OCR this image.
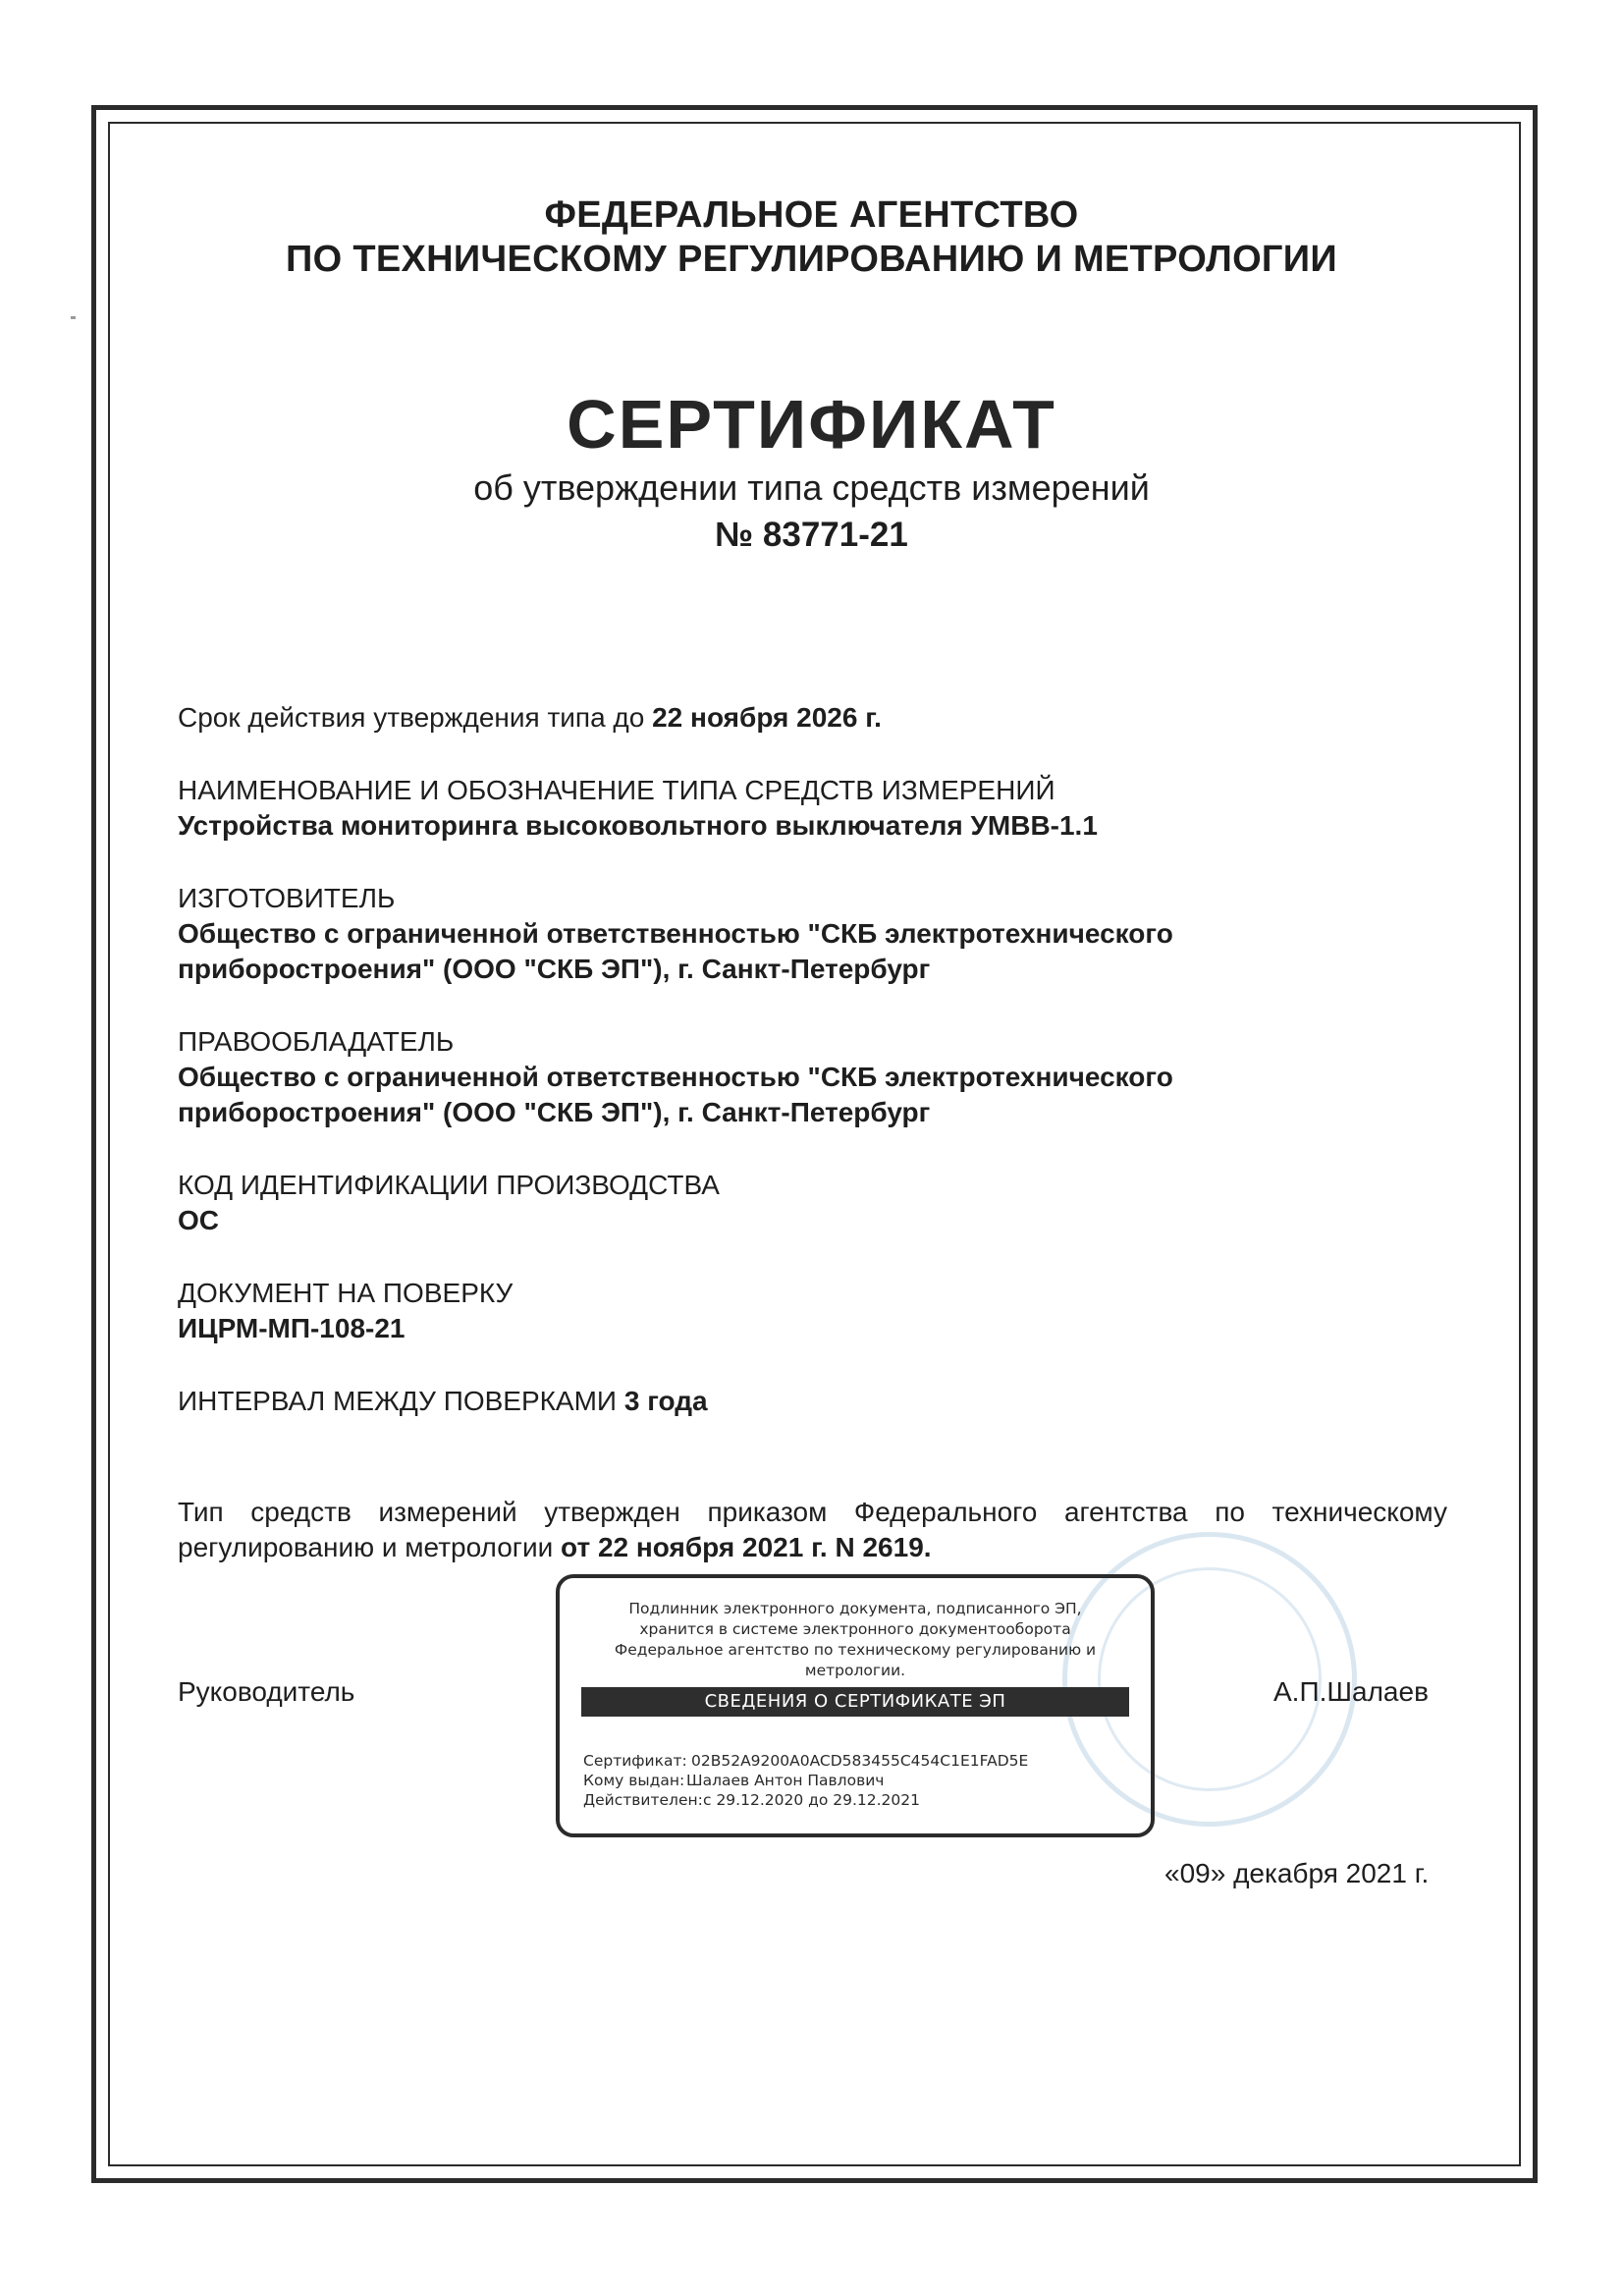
ФЕДЕРАЛЬНОЕ АГЕНТСТВО
ПО ТЕХНИЧЕСКОМУ РЕГУЛИРОВАНИЮ И МЕТРОЛОГИИ
СЕРТИФИКАТ
об утверждении типа средств измерений
№ 83771-21
Срок действия утверждения типа до 22 ноября 2026 г.
НАИМЕНОВАНИЕ И ОБОЗНАЧЕНИЕ ТИПА СРЕДСТВ ИЗМЕРЕНИЙ
Устройства мониторинга высоковольтного выключателя УМВВ-1.1
ИЗГОТОВИТЕЛЬ
Общество с ограниченной ответственностью "СКБ электротехнического
приборостроения" (ООО "СКБ ЭП"), г. Санкт-Петербург
ПРАВООБЛАДАТЕЛЬ
Общество с ограниченной ответственностью "СКБ электротехнического
приборостроения" (ООО "СКБ ЭП"), г. Санкт-Петербург
КОД ИДЕНТИФИКАЦИИ ПРОИЗВОДСТВА
ОС
ДОКУМЕНТ НА ПОВЕРКУ
ИЦРМ-МП-108-21
ИНТЕРВАЛ МЕЖДУ ПОВЕРКАМИ 3 года
Тип средств измерений утвержден приказом Федерального агентства по техническому
регулированию и метрологии от 22 ноября 2021 г. N 2619.
Подлинник электронного документа, подписанного ЭП,
хранится в системе электронного документооборота
Федеральное агентство по техническому регулированию и
метрологии.
СВЕДЕНИЯ О СЕРТИФИКАТЕ ЭП
Сертификат: 02B52A9200A0ACD583455C454C1E1FAD5E
Кому выдан: Шалаев Антон Павлович
Действителен:с 29.12.2020 до 29.12.2021
Руководитель	А.П.Шалаев
«09» декабря 2021 г.
